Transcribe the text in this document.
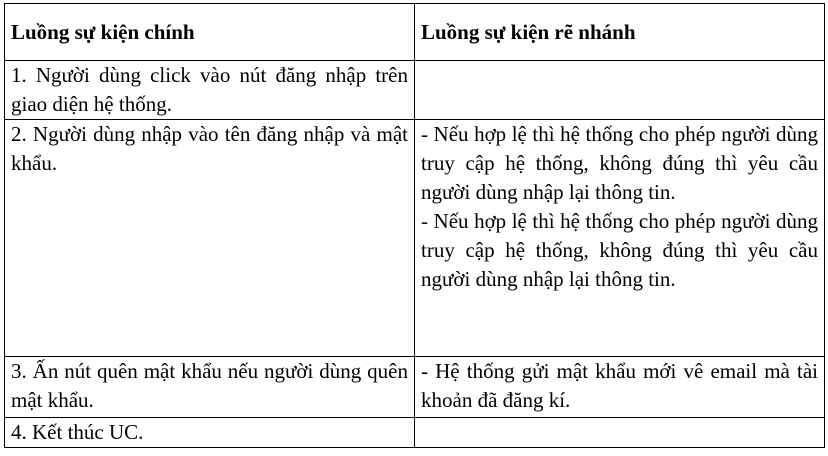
Luồng sự kiện chính	Luồng sự kiện rẽ nhánh
1. Người dùng click vào nút đăng nhập trên giao diện hệ thống.	
2. Người dùng nhập vào tên đăng nhập và mật khẩu.	- Nếu hợp lệ thì hệ thống cho phép người dùng truy cập hệ thống, không đúng thì yêu cầu người dùng nhập lại thông tin.
- Nếu hợp lệ thì hệ thống cho phép người dùng truy cập hệ thống, không đúng thì yêu cầu người dùng nhập lại thông tin.

3. Ấn nút quên mật khẩu nếu người dùng quên mật khẩu.	- Hệ thống gửi mật khẩu mới vê email mà tài khoản đã đăng kí.

4. Kết thúc UC.	
